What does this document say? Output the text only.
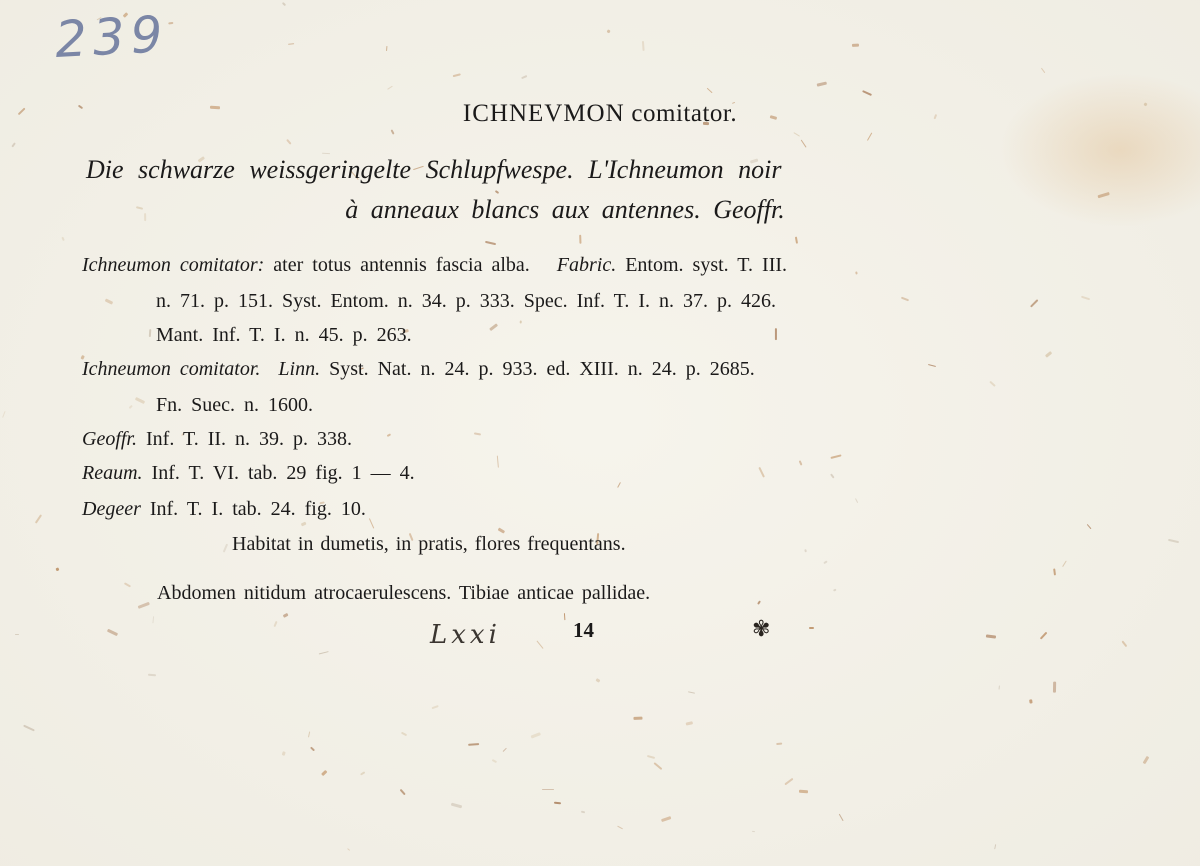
239
ICHNEVMON comitator.
Die schwarze weissgeringelte Schlupfwespe. L'Ichneumon noir
à anneaux blancs aux antennes. Geoffr.
Ichneumon comitator: ater totus antennis fascia alba. Fabric. Entom. syst. T. III.
n. 71. p. 151. Syst. Entom. n. 34. p. 333. Spec. Inf. T. I. n. 37. p. 426.
Mant. Inf. T. I. n. 45. p. 263.
Ichneumon comitator. Linn. Syst. Nat. n. 24. p. 933. ed. XIII. n. 24. p. 2685.
Fn. Suec. n. 1600.
Geoffr. Inf. T. II. n. 39. p. 338.
Reaum. Inf. T. VI. tab. 29 fig. 1 — 4.
Degeer Inf. T. I. tab. 24. fig. 10.
Habitat in dumetis, in pratis, flores frequentans.
Abdomen nitidum atrocaerulescens. Tibiae anticae pallidae.
Lxxi	14	✾
